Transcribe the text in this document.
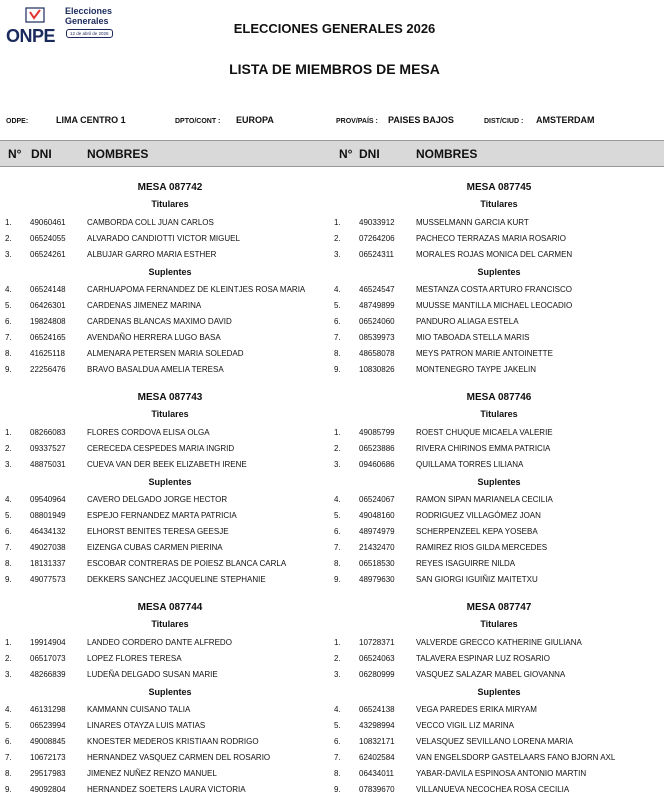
ONPE
Elecciones
Generales
12 de abril de 2026	ELECCIONES GENERALES 2026
LISTA DE MIEMBROS DE MESA
ODPE:	LIMA CENTRO 1	DPTO/CONT : EUROPA	PROV/PAÍS : PAISES BAJOS	DIST/CIUD : AMSTERDAM
N° DNI	NOMBRES	N° DNI	NOMBRES
MESA 087742
Titulares
1. 49060461	CAMBORDA COLL JUAN CARLOS
2. 06524055	ALVARADO CANDIOTTI VICTOR MIGUEL
3. 06524261	ALBUJAR GARRO MARIA ESTHER
Suplentes
4. 06524148	CARHUAPOMA FERNANDEZ DE KLEINTJES ROSA MARIA
5. 06426301	CARDENAS JIMENEZ MARINA
6. 19824808	CARDENAS BLANCAS MAXIMO DAVID
7. 06524165	AVENDAÑO HERRERA LUGO BASA
8. 41625118	ALMENARA PETERSEN MARIA SOLEDAD
9. 22256476	BRAVO BASALDUA AMELIA TERESA
MESA 087743
Titulares
1. 08266083	FLORES CORDOVA ELISA OLGA
2. 09337527	CERECEDA CESPEDES MARIA INGRID
3. 48875031	CUEVA VAN DER BEEK ELIZABETH IRENE
Suplentes
4. 09540964	CAVERO DELGADO JORGE HECTOR
5. 08801949	ESPEJO FERNANDEZ MARTA PATRICIA
6. 46434132	ELHORST BENITES TERESA GEESJE
7. 49027038	EIZENGA CUBAS CARMEN PIERINA
8. 18131337	ESCOBAR CONTRERAS DE POIESZ BLANCA CARLA
9. 49077573	DEKKERS SANCHEZ JACQUELINE STEPHANIE
MESA 087744
Titulares
1. 19914904	LANDEO CORDERO DANTE ALFREDO
2. 06517073	LOPEZ FLORES TERESA
3. 48266839	LUDEÑA DELGADO SUSAN MARIE
Suplentes
4. 46131298	KAMMANN CUISANO TALIA
5. 06523994	LINARES OTAYZA LUIS MATIAS
6. 49008845	KNOESTER MEDEROS KRISTIAAN RODRIGO
7. 10672173	HERNANDEZ VASQUEZ CARMEN DEL ROSARIO
8. 29517983	JIMENEZ NUÑEZ RENZO MANUEL
9. 49092804	HERNANDEZ SOETERS LAURA VICTORIA
MESA 087745
Titulares
1. 49033912	MUSSELMANN GARCIA KURT
2. 07264206	PACHECO TERRAZAS MARIA ROSARIO
3. 06524311	MORALES ROJAS MONICA DEL CARMEN
Suplentes
4. 46524547	MESTANZA COSTA ARTURO FRANCISCO
5. 48749899	MUUSSE MANTILLA MICHAEL LEOCADIO
6. 06524060	PANDURO ALIAGA ESTELA
7. 08539973	MIO TABOADA STELLA MARIS
8. 48658078	MEYS PATRON MARIE ANTOINETTE
9. 10830826	MONTENEGRO TAYPE JAKELIN
MESA 087746
Titulares
1. 49085799	ROEST CHUQUE MICAELA VALERIE
2. 06523886	RIVERA CHIRINOS EMMA PATRICIA
3. 09460686	QUILLAMA TORRES LILIANA
Suplentes
4. 06524067	RAMON SIPAN MARIANELA CECILIA
5. 49048160	RODRIGUEZ VILLAGÓMEZ JOAN
6. 48974979	SCHERPENZEEL KEPA YOSEBA
7. 21432470	RAMIREZ RIOS GILDA MERCEDES
8. 06518530	REYES ISAGUIRRE NILDA
9. 48979630	SAN GIORGI IGUIÑIZ MAITETXU
MESA 087747
Titulares
1. 10728371	VALVERDE GRECCO KATHERINE GIULIANA
2. 06524063	TALAVERA ESPINAR LUZ ROSARIO
3. 06280999	VASQUEZ SALAZAR MABEL GIOVANNA
Suplentes
4. 06524138	VEGA PAREDES ERIKA MIRYAM
5. 43298994	VECCO VIGIL LIZ MARINA
6. 10832171	VELASQUEZ SEVILLANO LORENA MARIA
7. 62402584	VAN ENGELSDORP GASTELAARS FANO BJORN AXL
8. 06434011	YABAR-DAVILA ESPINOSA ANTONIO MARTIN
9. 07839670	VILLANUEVA NECOCHEA ROSA CECILIA
